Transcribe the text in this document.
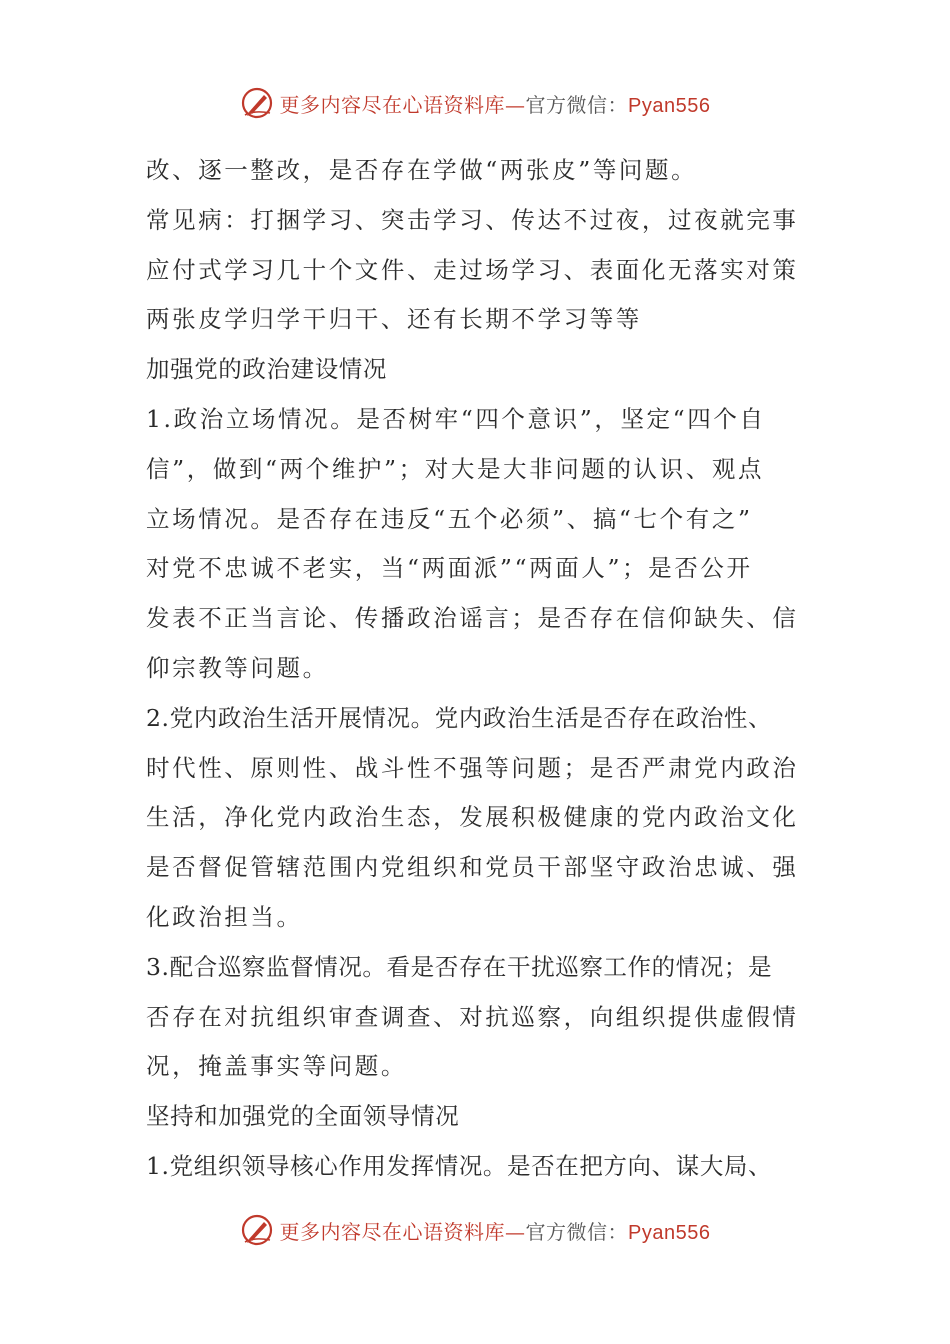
更多内容尽在心语资料库—官方微信：Pyan556
改、逐一整改，是否存在学做“两张皮”等问题。
常见病：打捆学习、突击学习、传达不过夜，过夜就完事
应付式学习几十个文件、走过场学习、表面化无落实对策
两张皮学归学干归干、还有长期不学习等等
加强党的政治建设情况
1.政治立场情况。是否树牢“四个意识”，坚定“四个自
信”，做到“两个维护”；对大是大非问题的认识、观点
立场情况。是否存在违反“五个必须”、搞“七个有之”
对党不忠诚不老实，当“两面派”“两面人”；是否公开
发表不正当言论、传播政治谣言；是否存在信仰缺失、信
仰宗教等问题。
2.党内政治生活开展情况。党内政治生活是否存在政治性、
时代性、原则性、战斗性不强等问题；是否严肃党内政治
生活，净化党内政治生态，发展积极健康的党内政治文化
是否督促管辖范围内党组织和党员干部坚守政治忠诚、强
化政治担当。
3.配合巡察监督情况。看是否存在干扰巡察工作的情况；是
否存在对抗组织审查调查、对抗巡察，向组织提供虚假情
况，掩盖事实等问题。
坚持和加强党的全面领导情况
1.党组织领导核心作用发挥情况。是否在把方向、谋大局、
更多内容尽在心语资料库—官方微信：Pyan556
